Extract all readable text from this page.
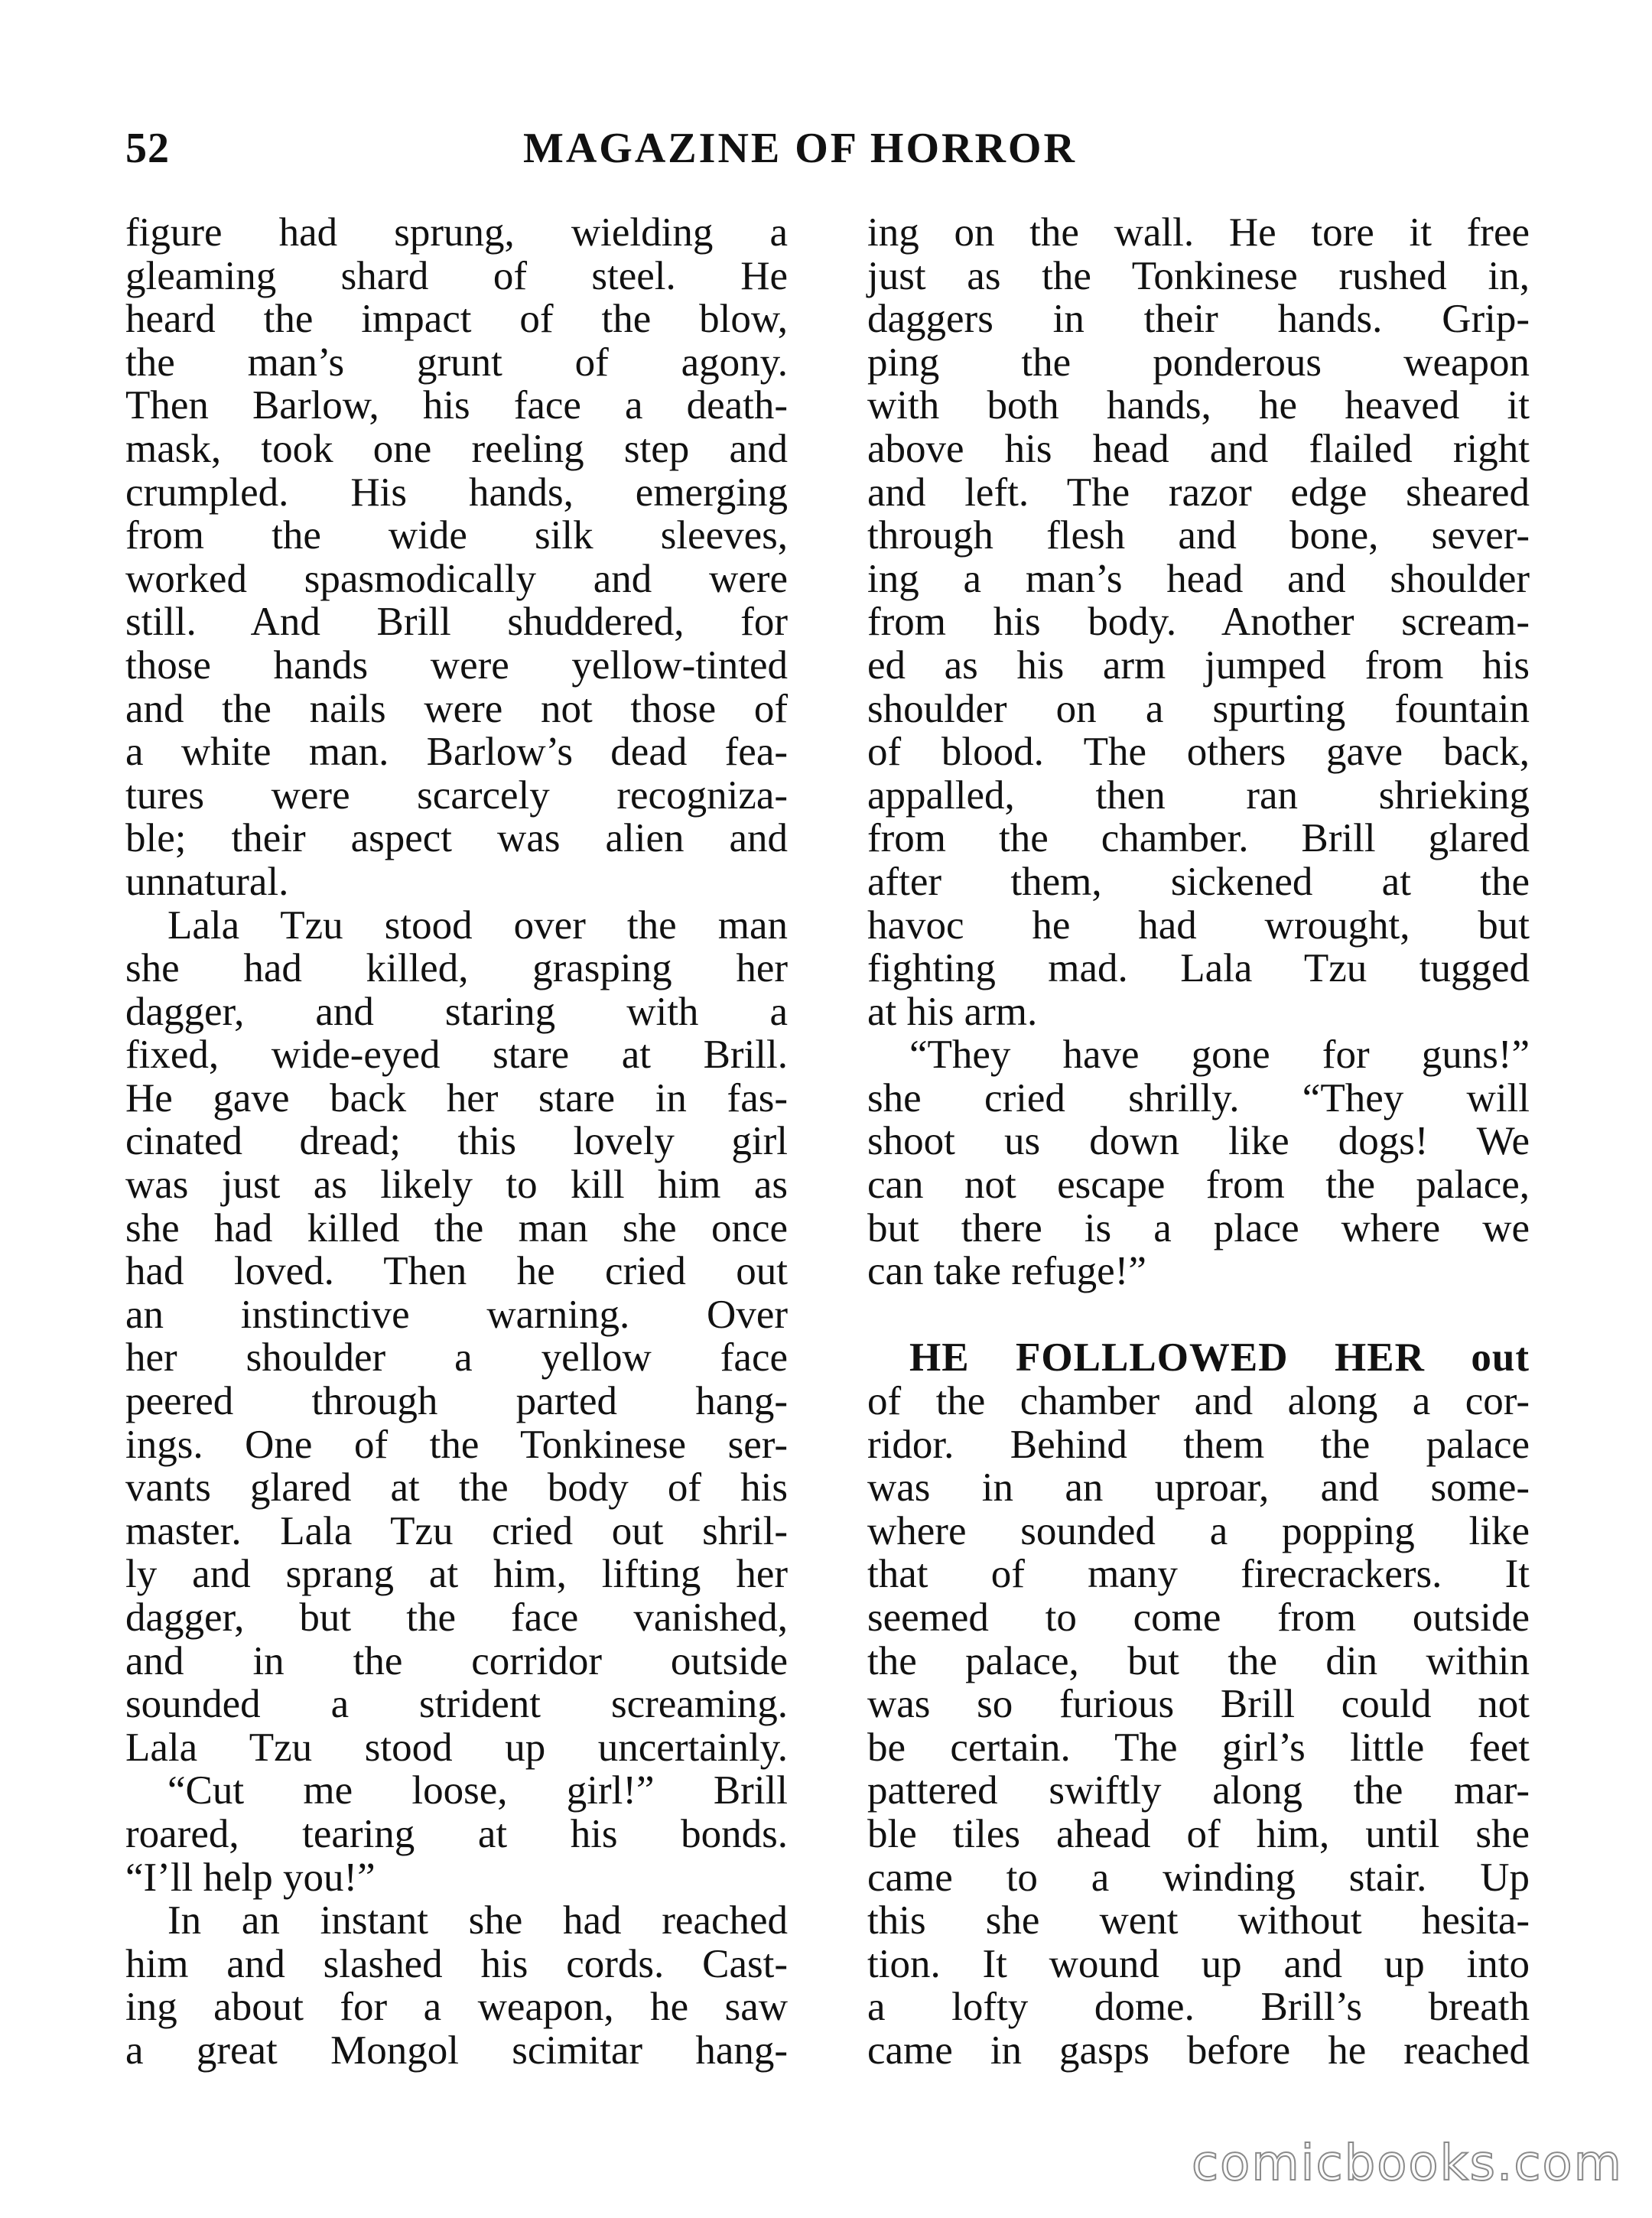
52	MAGAZINE OF HORROR
figure had sprung, wielding a
gleaming shard of steel. He
heard the impact of the blow,
the man’s grunt of agony.
Then Barlow, his face a death-
mask, took one reeling step and
crumpled. His hands, emerging
from the wide silk sleeves,
worked spasmodically and were
still. And Brill shuddered, for
those hands were yellow-tinted
and the nails were not those of
a white man. Barlow’s dead fea-
tures were scarcely recogniza-
ble; their aspect was alien and
unnatural.
Lala Tzu stood over the man
she had killed, grasping her
dagger, and staring with a
fixed, wide-eyed stare at Brill.
He gave back her stare in fas-
cinated dread; this lovely girl
was just as likely to kill him as
she had killed the man she once
had loved. Then he cried out
an instinctive warning. Over
her shoulder a yellow face
peered through parted hang-
ings. One of the Tonkinese ser-
vants glared at the body of his
master. Lala Tzu cried out shril-
ly and sprang at him, lifting her
dagger, but the face vanished,
and in the corridor outside
sounded a strident screaming.
Lala Tzu stood up uncertainly.
“Cut me loose, girl!” Brill
roared, tearing at his bonds.
“I’ll help you!”
In an instant she had reached
him and slashed his cords. Cast-
ing about for a weapon, he saw
a great Mongol scimitar hang-
ing on the wall. He tore it free
just as the Tonkinese rushed in,
daggers in their hands. Grip-
ping the ponderous weapon
with both hands, he heaved it
above his head and flailed right
and left. The razor edge sheared
through flesh and bone, sever-
ing a man’s head and shoulder
from his body. Another scream-
ed as his arm jumped from his
shoulder on a spurting fountain
of blood. The others gave back,
appalled, then ran shrieking
from the chamber. Brill glared
after them, sickened at the
havoc he had wrought, but
fighting mad. Lala Tzu tugged
at his arm.
“They have gone for guns!”
she cried shrilly. “They will
shoot us down like dogs! We
can not escape from the palace,
but there is a place where we
can take refuge!”
HE FOLLLOWED HER out
of the chamber and along a cor-
ridor. Behind them the palace
was in an uproar, and some-
where sounded a popping like
that of many firecrackers. It
seemed to come from outside
the palace, but the din within
was so furious Brill could not
be certain. The girl’s little feet
pattered swiftly along the mar-
ble tiles ahead of him, until she
came to a winding stair. Up
this she went without hesita-
tion. It wound up and up into
a lofty dome. Brill’s breath
came in gasps before he reached
comicbooks.com
